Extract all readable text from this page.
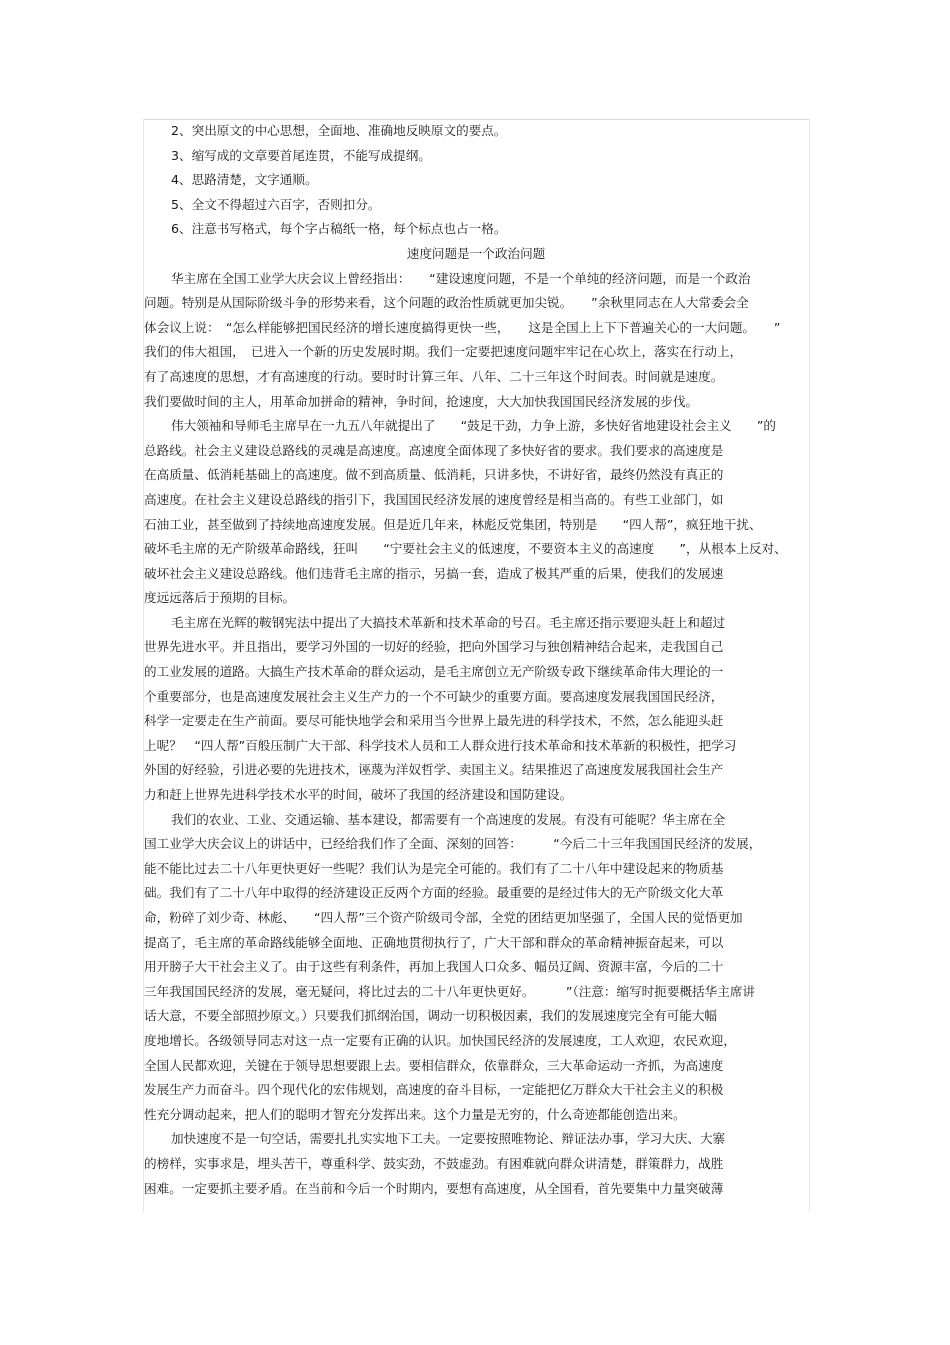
2、突出原文的中心思想，全面地、准确地反映原文的要点。
3、缩写成的文章要首尾连贯，不能写成提纲。
4、思路清楚，文字通顺。
5、全文不得超过六百字，否则扣分。
6、注意书写格式，每个字占稿纸一格，每个标点也占一格。
速度问题是一个政治问题
华主席在全国工业学大庆会议上曾经指出：　　“建设速度问题，不是一个单纯的经济问题，而是一个政治
问题。特别是从国际阶级斗争的形势来看，这个问题的政治性质就更加尖锐。　　”余秋里同志在人大常委会全
体会议上说：　“怎么样能够把国民经济的增长速度搞得更快一些，　　这是全国上上下下普遍关心的一大问题。　　”
我们的伟大祖国，　已进入一个新的历史发展时期。我们一定要把速度问题牢牢记在心坎上，落实在行动上，
有了高速度的思想，才有高速度的行动。要时时计算三年、八年、二十三年这个时间表。时间就是速度。
我们要做时间的主人，用革命加拼命的精神，争时间，抢速度，大大加快我国国民经济发展的步伐。
伟大领袖和导师毛主席早在一九五八年就提出了　　“鼓足干劲，力争上游，多快好省地建设社会主义　　”的
总路线。社会主义建设总路线的灵魂是高速度。高速度全面体现了多快好省的要求。我们要求的高速度是
在高质量、低消耗基础上的高速度。做不到高质量、低消耗，只讲多快，不讲好省，最终仍然没有真正的
高速度。在社会主义建设总路线的指引下，我国国民经济发展的速度曾经是相当高的。有些工业部门，如
石油工业，甚至做到了持续地高速度发展。但是近几年来，林彪反党集团，特别是　　“四人帮”，疯狂地干扰、
破坏毛主席的无产阶级革命路线，狂叫　　“宁要社会主义的低速度，不要资本主义的高速度　　”，从根本上反对、
破坏社会主义建设总路线。他们违背毛主席的指示，另搞一套，造成了极其严重的后果，使我们的发展速
度远远落后于预期的目标。
毛主席在光辉的鞍钢宪法中提出了大搞技术革新和技术革命的号召。毛主席还指示要迎头赶上和超过
世界先进水平。并且指出，要学习外国的一切好的经验，把向外国学习与独创精神结合起来，走我国自己
的工业发展的道路。大搞生产技术革命的群众运动，是毛主席创立无产阶级专政下继续革命伟大理论的一
个重要部分，也是高速度发展社会主义生产力的一个不可缺少的重要方面。要高速度发展我国国民经济，
科学一定要走在生产前面。要尽可能快地学会和采用当今世界上最先进的科学技术，不然，怎么能迎头赶
上呢？　“四人帮”百般压制广大干部、科学技术人员和工人群众进行技术革命和技术革新的积极性，把学习
外国的好经验，引进必要的先进技术，诬蔑为洋奴哲学、卖国主义。结果推迟了高速度发展我国社会生产
力和赶上世界先进科学技术水平的时间，破坏了我国的经济建设和国防建设。
我们的农业、工业、交通运输、基本建设，都需要有一个高速度的发展。有没有可能呢？华主席在全
国工业学大庆会议上的讲话中，已经给我们作了全面、深刻的回答：　　　“今后二十三年我国国民经济的发展，
能不能比过去二十八年更快更好一些呢？我们认为是完全可能的。我们有了二十八年中建设起来的物质基
础。我们有了二十八年中取得的经济建设正反两个方面的经验。最重要的是经过伟大的无产阶级文化大革
命，粉碎了刘少奇、林彪、　　“四人帮”三个资产阶级司令部，全党的团结更加坚强了，全国人民的觉悟更加
提高了，毛主席的革命路线能够全面地、正确地贯彻执行了，广大干部和群众的革命精神振奋起来，可以
用开膀子大干社会主义了。由于这些有利条件，再加上我国人口众多、幅员辽阔、资源丰富，今后的二十
三年我国国民经济的发展，毫无疑问，将比过去的二十八年更快更好。　　　”（注意：缩写时扼要概括华主席讲
话大意，不要全部照抄原文。）只要我们抓纲治国，调动一切积极因素，我们的发展速度完全有可能大幅
度地增长。各级领导同志对这一点一定要有正确的认识。加快国民经济的发展速度，工人欢迎，农民欢迎，
全国人民都欢迎，关键在于领导思想要跟上去。要相信群众，依靠群众，三大革命运动一齐抓，为高速度
发展生产力而奋斗。四个现代化的宏伟规划，高速度的奋斗目标，一定能把亿万群众大干社会主义的积极
性充分调动起来，把人们的聪明才智充分发挥出来。这个力量是无穷的，什么奇迹都能创造出来。
加快速度不是一句空话，需要扎扎实实地下工夫。一定要按照唯物论、辩证法办事，学习大庆、大寨
的榜样，实事求是，埋头苦干，尊重科学、鼓实劲，不鼓虚劲。有困难就向群众讲清楚，群策群力，战胜
困难。一定要抓主要矛盾。在当前和今后一个时期内，要想有高速度，从全国看，首先要集中力量突破薄
